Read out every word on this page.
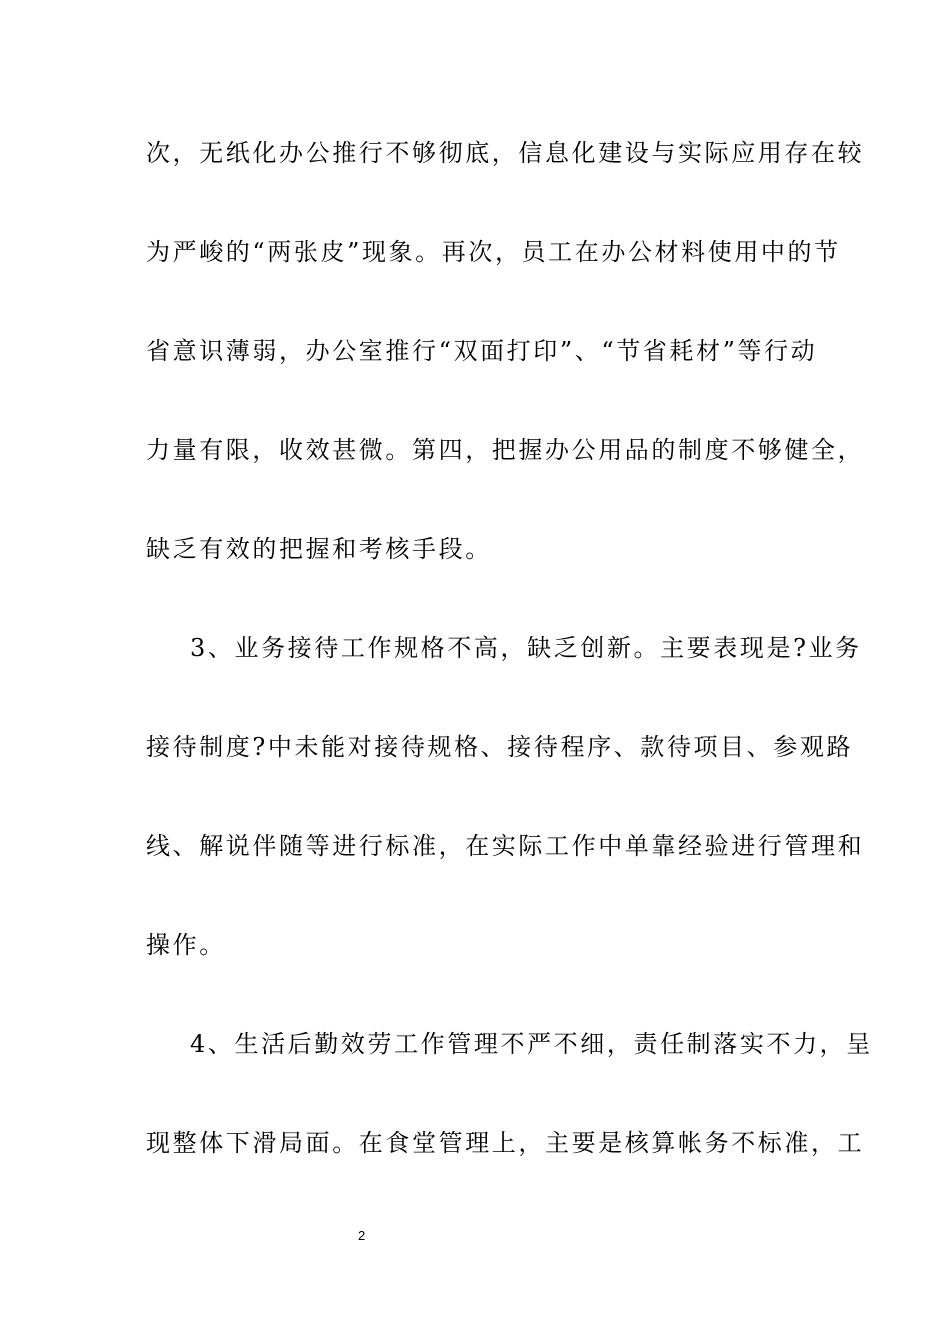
次，无纸化办公推行不够彻底，信息化建设与实际应用存在较
为严峻的“两张皮”现象。再次，员工在办公材料使用中的节
省意识薄弱，办公室推行“双面打印”、“节省耗材”等行动
力量有限，收效甚微。第四，把握办公用品的制度不够健全，
缺乏有效的把握和考核手段。
3、业务接待工作规格不高，缺乏创新。主要表现是?业务
接待制度?中未能对接待规格、接待程序、款待项目、参观路
线、解说伴随等进行标准，在实际工作中单靠经验进行管理和
操作。
4、生活后勤效劳工作管理不严不细，责任制落实不力，呈
现整体下滑局面。在食堂管理上，主要是核算帐务不标准，工
2
